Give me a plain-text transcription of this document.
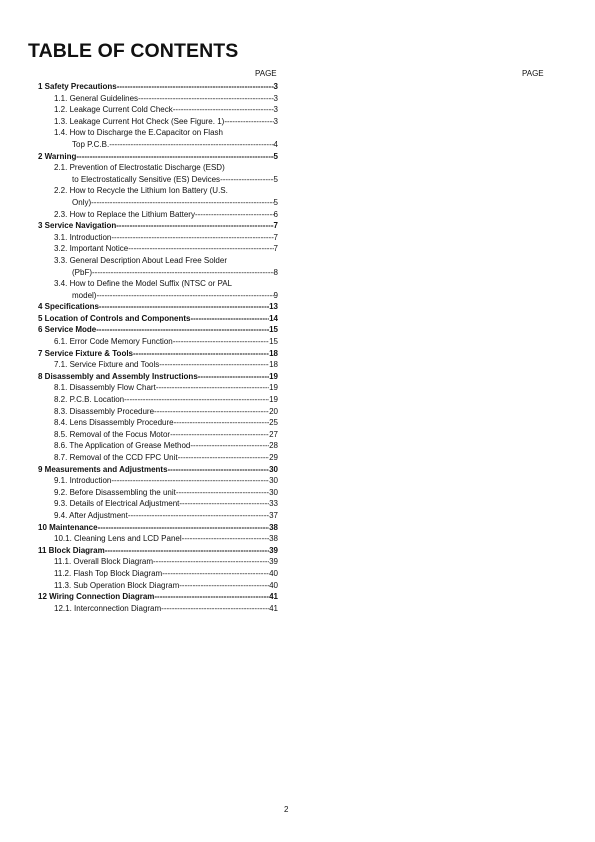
TABLE OF CONTENTS
PAGE	PAGE
1 Safety Precautions -----	3
1.1. General Guidelines -----	3
1.2. Leakage Current Cold Check -----	3
1.3. Leakage Current Hot Check (See Figure. 1) -----	3
1.4. How to Discharge the E.Capacitor on Flash
Top P.C.B. -----	4
2 Warning -----	5
2.1. Prevention of Electrostatic Discharge (ESD)
to Electrostatically Sensitive (ES) Devices -----	5
2.2. How to Recycle the Lithium Ion Battery (U.S.
Only) -----	5
2.3. How to Replace the Lithium Battery -----	6
3 Service Navigation -----	7
3.1. Introduction -----	7
3.2. Important Notice -----	7
3.3. General Description About Lead Free Solder
(PbF) -----	8
3.4. How to Define the Model Suffix (NTSC or PAL
model) -----	9
4 Specifications -----	13
5 Location of Controls and Components -----	14
6 Service Mode -----	15
6.1. Error Code Memory Function -----	15
7 Service Fixture & Tools -----	18
7.1. Service Fixture and Tools -----	18
8 Disassembly and Assembly Instructions -----	19
8.1. Disassembly Flow Chart -----	19
8.2. P.C.B. Location -----	19
8.3. Disassembly Procedure -----	20
8.4. Lens Disassembly Procedure -----	25
8.5. Removal of the Focus Motor -----	27
8.6. The Application of Grease Method -----	28
8.7. Removal of the CCD FPC Unit -----	29
9 Measurements and Adjustments -----	30
9.1. Introduction -----	30
9.2. Before Disassembling the unit -----	30
9.3. Details of Electrical Adjustment -----	33
9.4. After Adjustment -----	37
10 Maintenance -----	38
10.1. Cleaning Lens and LCD Panel -----	38
11 Block Diagram -----	39
11.1. Overall Block Diagram -----	39
11.2. Flash Top Block Diagram -----	40
11.3. Sub Operation Block Diagram -----	40
12 Wiring Connection Diagram -----	41
12.1. Interconnection Diagram -----	41
2
